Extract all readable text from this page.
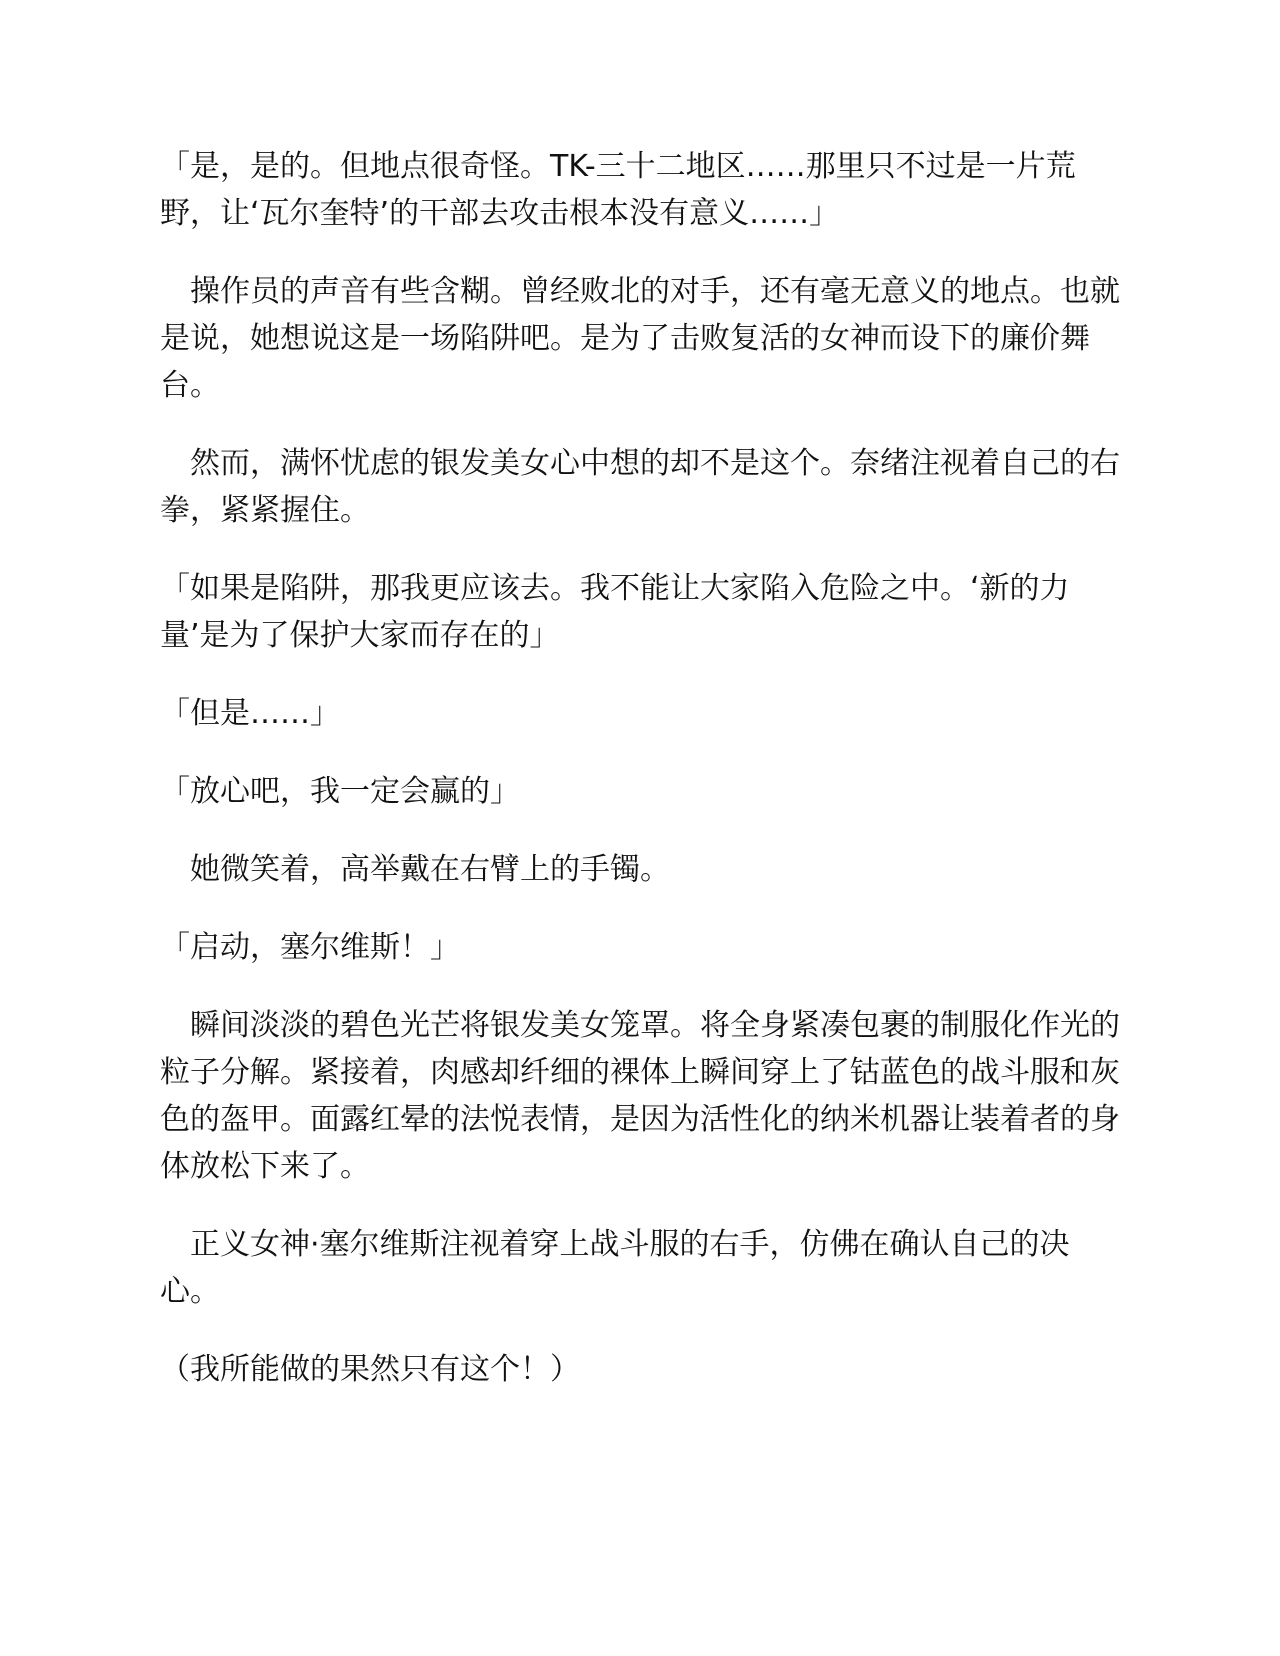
「是，是的。但地点很奇怪。TK-三十二地区……那里只不过是一片荒野，让‘瓦尔奎特’的干部去攻击根本没有意义……」

　操作员的声音有些含糊。曾经败北的对手，还有毫无意义的地点。也就是说，她想说这是一场陷阱吧。是为了击败复活的女神而设下的廉价舞台。

　然而，满怀忧虑的银发美女心中想的却不是这个。奈绪注视着自己的右拳，紧紧握住。

「如果是陷阱，那我更应该去。我不能让大家陷入危险之中。‘新的力量’是为了保护大家而存在的」

「但是……」

「放心吧，我一定会赢的」

　她微笑着，高举戴在右臂上的手镯。

「启动，塞尔维斯！」

　瞬间淡淡的碧色光芒将银发美女笼罩。将全身紧凑包裹的制服化作光的粒子分解。紧接着，肉感却纤细的裸体上瞬间穿上了钴蓝色的战斗服和灰色的盔甲。面露红晕的法悦表情，是因为活性化的纳米机器让装着者的身体放松下来了。

　正义女神·塞尔维斯注视着穿上战斗服的右手，仿佛在确认自己的决心。

（我所能做的果然只有这个！）
